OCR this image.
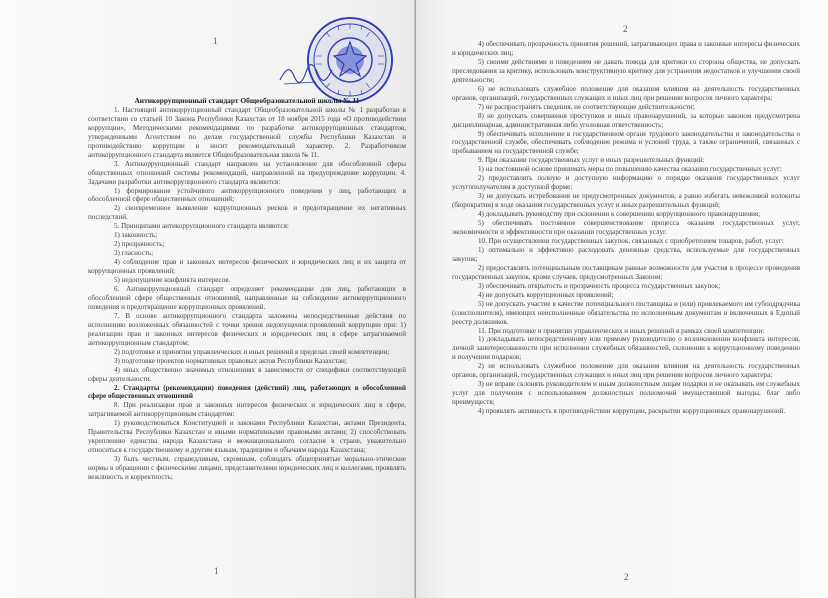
1

Антикоррупционный стандарт Общеобразовательной школы № 11

1. Настоящий антикоррупционный стандарт Общеобразовательной школы № 1 разработан в соответствии со статьей 10 Закона Республики Казахстан от 18 ноября 2015 года «О противодействии коррупции», Методическими рекомендациями по разработке антикоррупционных стандартов, утвержденными Агентством по делам государственной службы Республики Казахстан и противодействию коррупции и носит рекомендательный характер. 2. Разработчиком антикоррупционного стандарта является Общеобразовательная школа № 11.

3. Антикоррупционный стандарт направлен на установление для обособленной сферы общественных отношений системы рекомендаций, направленной на предупреждение коррупции. 4. Задачами разработки антикоррупционного стандарта являются:

1) формирование устойчивого антикоррупционного поведения у лиц, работающих в обособленной сфере общественных отношений;

2) своевременное выявление коррупционных рисков и предотвращение их негативных последствий.

5. Принципами антикоррупционного стандарта являются:

1) законность;

2) прозрачность;

3) гласность;

4) соблюдение прав и законных интересов физических и юридических лиц и их защита от коррупционных проявлений;

5) недопущение конфликта интересов.

6. Антикоррупционный стандарт определяет рекомендации для лиц, работающих в обособленной сфере общественных отношений, направленные на соблюдение антикоррупционного поведения и предотвращение коррупционных проявлений.

7. В основе антикоррупционного стандарта заложены непосредственные действия по исполнению возложенных обязанностей с точки зрения недопущения проявлений коррупции при: 1) реализации прав и законных интересов физических и юридических лиц в сфере затрагиваемой антикоррупционным стандартом;

2) подготовке и принятии управленческих и иных решений в пределах своей компетенции;

3) подготовке проектов нормативных правовых актов Республики Казахстан;

4) иных общественно значимых отношениях в зависимости от специфики соответствующей сферы деятельности.

2. Стандарты (рекомендации) поведения (действий) лиц, работающих в обособленной сфере общественных отношений

8. При реализации прав и законных интересов физических и юридических лиц в сфере, затрагиваемой антикоррупционным стандартом:

1) руководствоваться Конституцией и законами Республики Казахстан, актами Президента, Правительства Республики Казахстан и иными нормативными правовыми актами; 2) способствовать укреплению единства народа Казахстана и межнационального согласия в стране, уважительно относиться к государственному и другим языкам, традициям и обычаям народа Казахстана;

3) быть честным, справедливым, скромным, соблюдать общепринятые морально-этические нормы в обращении с физическими лицами, представителями юридических лиц и коллегами, проявлять вежливость и корректность;

1
2

4) обеспечивать прозрачность принятия решений, затрагивающих права и законные интересы физических и юридических лиц;

5) своими действиями и поведением не давать повода для критики со стороны общества, не допускать преследования за критику, использовать конструктивную критику для устранения недостатков и улучшения своей деятельности;

6) не использовать служебное положение для оказания влияния на деятельность государственных органов, организаций, государственных служащих и иных лиц при решении вопросов личного характера;

7) не распространять сведения, не соответствующие действительности;

8) не допускать совершения проступков и иных правонарушений, за которые законом предусмотрена дисциплинарная, административная либо уголовная ответственность;

9) обеспечивать исполнение в государственном органе трудового законодательства и законодательства о государственной службе, обеспечивать соблюдение режима и условий труда, а также ограничений, связанных с пребыванием на государственной службе;

9. При оказании государственных услуг и иных разрешительных функций:

1) на постоянной основе принимать меры по повышению качества оказания государственных услуг;

2) предоставлять полную и доступную информацию о порядке оказания государственных услуг услугополучателям в доступной форме;

3) не допускать истребования не предусмотренных документов, а равно избегать невежливой волокиты (бюрократии) в ходе оказания государственных услуг и иных разрешительных функций;

4) докладывать руководству при склонении к совершению коррупционного правонарушения;

5) обеспечивать постоянное совершенствование процесса оказания государственных услуг, экономичности и эффективности при оказании государственных услуг.

10. При осуществлении государственных закупок, связанных с приобретением товаров, работ, услуг:

1) оптимально и эффективно расходовать денежные средства, используемые для государственных закупок;

2) предоставлять потенциальным поставщикам равные возможности для участия в процессе проведения государственных закупок, кроме случаев, предусмотренных Законом;

3) обеспечивать открытость и прозрачность процесса государственных закупок;

4) не допускать коррупционных проявлений;

5) не допускать участие в качестве потенциального поставщика и (или) привлекаемого им субподрядчика (соисполнителя), имеющих неисполненные обязательства по исполненным документам и включенных в Единый реестр должников.

11. При подготовке и принятии управленческих и иных решений в рамках своей компетенции:

1) докладывать непосредственному или прямому руководителю о возникновении конфликта интересов, личной заинтересованности при исполнении служебных обязанностей, склонении к коррупционному поведению и получении подарков;

2) не использовать служебное положение для оказания влияния на деятельность государственных органов, организаций, государственных служащих и иных лиц при решении вопросов личного характера;

3) не вправе склонять руководителем и иным должностным лицам подарки и не оказывать им служебных услуг для получения с использованием должностных полномочий имущественной выгоды, благ либо преимуществ;

4) проявлять активность в противодействии коррупции, раскрытии коррупционных правонарушений.

2
